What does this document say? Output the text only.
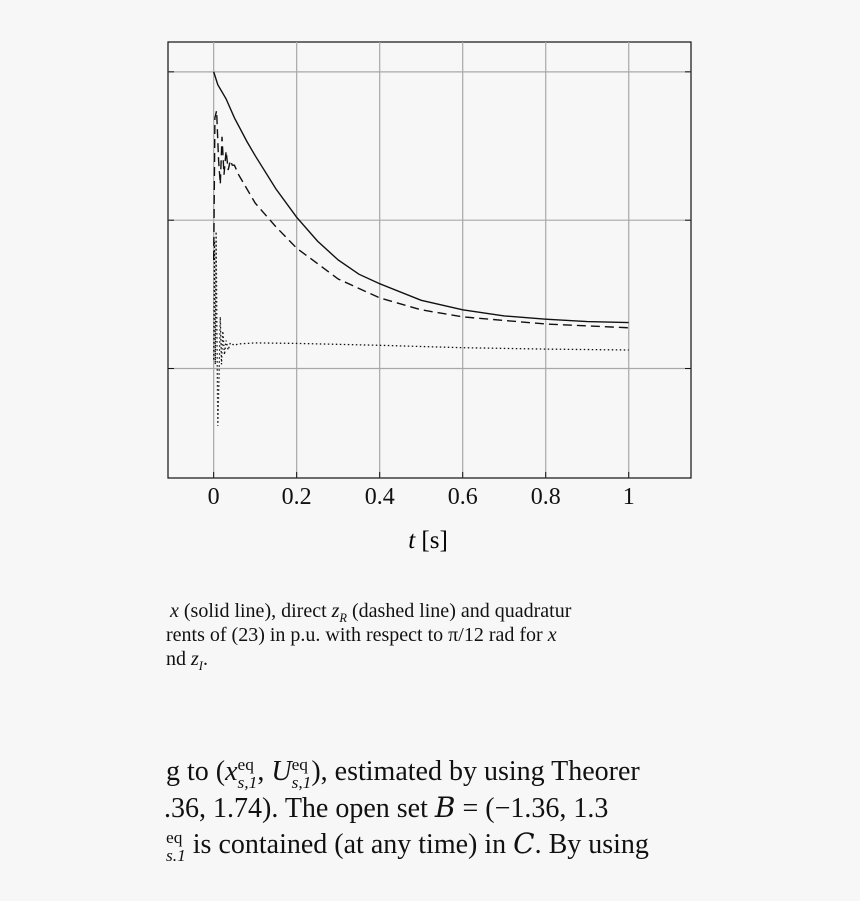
0	0.2 0.4 0.6 0.8	1
t [s]
x (solid line), direct $z_R$ (dashed line) and quadratur
rents of (23) in p.u. with respect to π/12 rad for x
nd $z_I$.
g to (x eq
s,1 , U eq
s,1 ), estimated by using Theorer
.36, 1.74). The open set B = (−1.36, 1.3
eq
s.1 is contained (at any time) in C. By using
